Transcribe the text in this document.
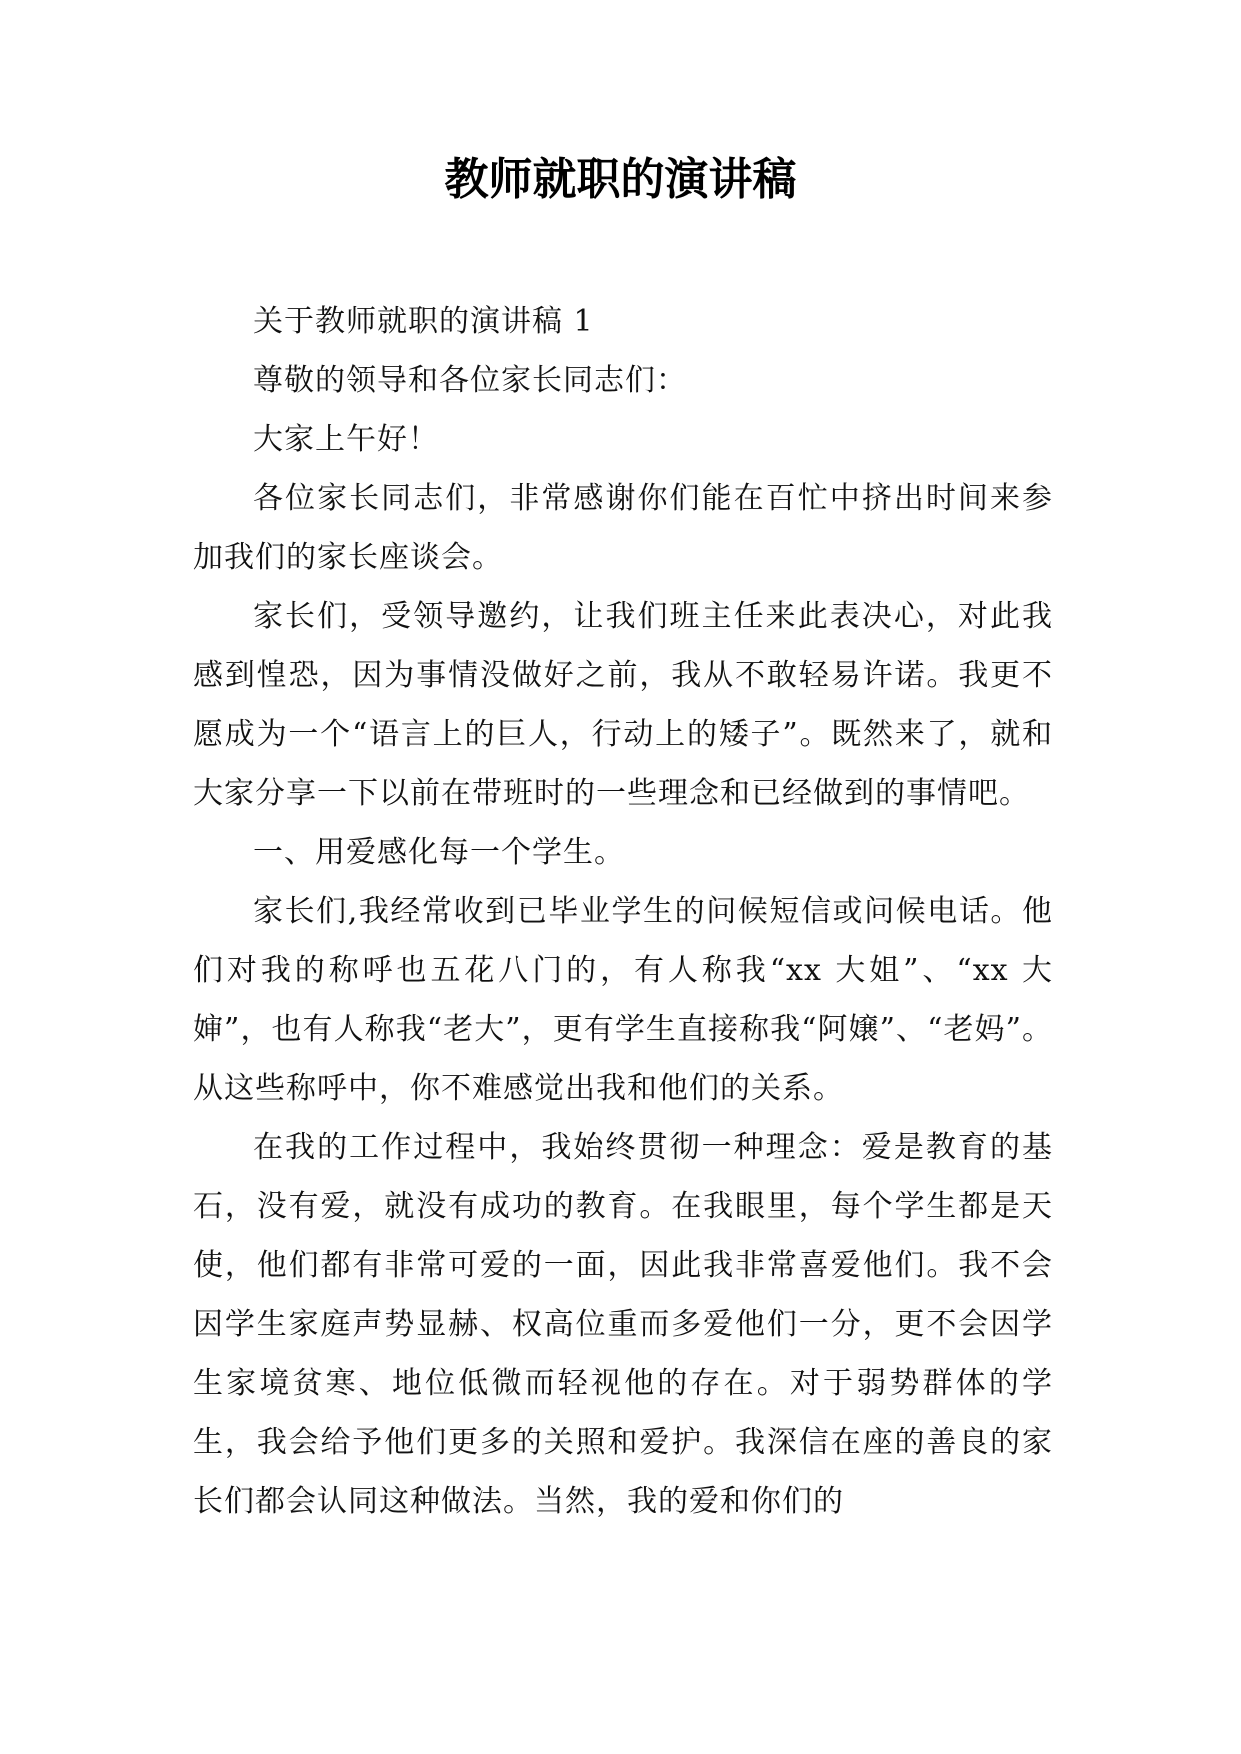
教师就职的演讲稿

关于教师就职的演讲稿 1

尊敬的领导和各位家长同志们：

大家上午好！

各位家长同志们，非常感谢你们能在百忙中挤出时间来参加我们的家长座谈会。

家长们，受领导邀约，让我们班主任来此表决心，对此我感到惶恐，因为事情没做好之前，我从不敢轻易许诺。我更不愿成为一个“语言上的巨人，行动上的矮子”。既然来了，就和大家分享一下以前在带班时的一些理念和已经做到的事情吧。

一、用爱感化每一个学生。

家长们,我经常收到已毕业学生的问候短信或问候电话。他们对我的称呼也五花八门的，有人称我“xx 大姐”、“xx 大婶”，也有人称我“老大”，更有学生直接称我“阿嬢”、“老妈”。从这些称呼中，你不难感觉出我和他们的关系。

在我的工作过程中，我始终贯彻一种理念：爱是教育的基石，没有爱，就没有成功的教育。在我眼里，每个学生都是天使，他们都有非常可爱的一面，因此我非常喜爱他们。我不会因学生家庭声势显赫、权高位重而多爱他们一分，更不会因学生家境贫寒、地位低微而轻视他的存在。对于弱势群体的学生，我会给予他们更多的关照和爱护。我深信在座的善良的家长们都会认同这种做法。当然，我的爱和你们的
